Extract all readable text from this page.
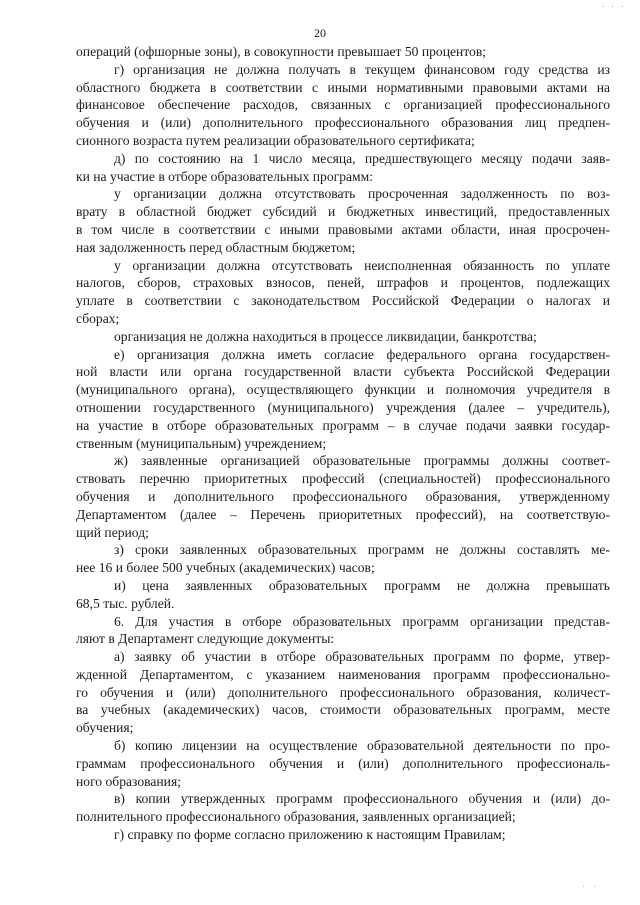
· · ·
20
операций (офшорные зоны), в совокупности превышает 50 процентов;
г) организация не должна получать в текущем финансовом году средства из
областного бюджета в соответствии с иными нормативными правовыми актами на
финансовое обеспечение расходов, связанных с организацией профессионального
обучения и (или) дополнительного профессионального образования лиц предпен-
сионного возраста путем реализации образовательного сертификата;
д) по состоянию на 1 число месяца, предшествующего месяцу подачи заяв-
ки на участие в отборе образовательных программ:
у организации должна отсутствовать просроченная задолженность по воз-
врату в областной бюджет субсидий и бюджетных инвестиций, предоставленных
в том числе в соответствии с иными правовыми актами области, иная просрочен-
ная задолженность перед областным бюджетом;
у организации должна отсутствовать неисполненная обязанность по уплате
налогов, сборов, страховых взносов, пеней, штрафов и процентов, подлежащих
уплате в соответствии с законодательством Российской Федерации о налогах и
сборах;
организация не должна находиться в процессе ликвидации, банкротства;
е) организация должна иметь согласие федерального органа государствен-
ной власти или органа государственной власти субъекта Российской Федерации
(муниципального органа), осуществляющего функции и полномочия учредителя в
отношении государственного (муниципального) учреждения (далее – учредитель),
на участие в отборе образовательных программ – в случае подачи заявки государ-
ственным (муниципальным) учреждением;
ж) заявленные организацией образовательные программы должны соответ-
ствовать перечню приоритетных профессий (специальностей) профессионального
обучения и дополнительного профессионального образования, утвержденному
Департаментом (далее – Перечень приоритетных профессий), на соответствую-
щий период;
з) сроки заявленных образовательных программ не должны составлять ме-
нее 16 и более 500 учебных (академических) часов;
и) цена заявленных образовательных программ не должна превышать
68,5 тыс. рублей.
6. Для участия в отборе образовательных программ организации представ-
ляют в Департамент следующие документы:
а) заявку об участии в отборе образовательных программ по форме, утвер-
жденной Департаментом, с указанием наименования программ профессионально-
го обучения и (или) дополнительного профессионального образования, количест-
ва учебных (академических) часов, стоимости образовательных программ, месте
обучения;
б) копию лицензии на осуществление образовательной деятельности по про-
граммам профессионального обучения и (или) дополнительного профессиональ-
ного образования;
в) копии утвержденных программ профессионального обучения и (или) до-
полнительного профессионального образования, заявленных организацией;
г) справку по форме согласно приложению к настоящим Правилам;
· ·
